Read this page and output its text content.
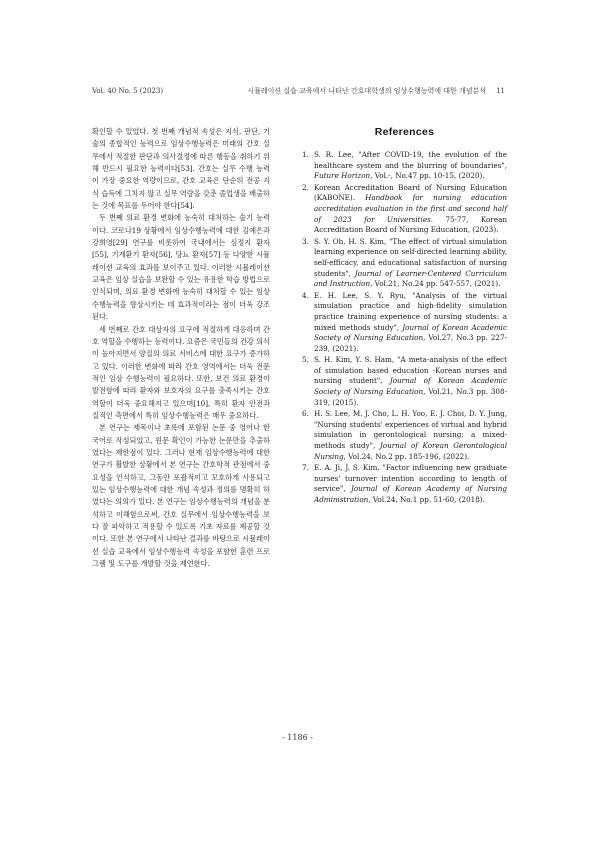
Vol. 40 No. 5 (2023)	시뮬레이션 실습 교육에서 나타난 간호대학생의 임상수행능력에 대한 개념분석	11

확인할 수 있었다. 첫 번째 개념적 속성은 지식, 판단, 기술의 종합적인 능력으로 임상수행능력은 미래의 간호 실무에서 적절한 판단과 의사결정에 따른 행동을 취하기 위해 반드시 필요한 능력이다[53]. 간호는 실무 수행 능력이 가장 중요한 역량이므로, 간호 교육은 단순히 전공 지식 습득에 그치지 않고 실무 역량을 갖춘 졸업생을 배출하는 것에 목표를 두어야 한다[54].

두 번째 의료 환경 변화에 능숙히 대처하는 술기 능력이다. 코로나19 상황에서 임상수행능력에 대한 김예은과 강희영[29] 연구를 비롯하여 국내에서는 심정지 환자[55], 기계환기 환자[56], 당뇨 환자[57] 등 다양한 시뮬레이션 교육의 효과를 보이주고 있다. 이러한 시뮬레이션 교육은 임상 실습을 보완할 수 있는 유용한 학습 방법으로 인식되며, 의료 환경 변화에 능숙히 대처할 수 있는 임상수행능력을 향상시키는 데 효과적이라는 점이 더욱 강조된다.

세 번째로 간호 대상자의 요구에 적절하게 대응하며 간호 역할을 수행하는 능력이다. 요즘은 국민들의 건강 의식이 높아지면서 양질의 의료 서비스에 대한 요구가 증가하고 있다. 이러한 변화에 따라 간호 영역에서는 더욱 전문적인 임상 수행능력이 필요하다. 또한, 보건 의료 환경이 발전함에 따라 환자와 보호자의 요구를 충족시키는 간호 역할이 더욱 중요해지고 있으며[10], 특히 환자 안전과 질적인 측면에서 특히 임상수행능력은 매우 중요하다.

본 연구는 제목이나 초록에 포함된 논문 중 영어나 한국어로 작성되었고, 원문 확인이 가능한 논문만을 추출하였다는 제한점이 있다. 그러나 현재 임상수행능력에 대한 연구가 활발한 상황에서 본 연구는 간호학적 관점에서 중요성을 인식하고, 그동안 포괄적이고 모호하게 사용되고 있는 임상수행능력에 대한 개념 속성과 정의를 명확히 하였다는 의의가 있다. 본 연구는 임상수행능력의 개념을 분석하고 이해함으로써, 간호 실무에서 임상수행능력을 보다 잘 파악하고 적용할 수 있도록 기초 자료를 제공할 것이다. 또한 본 연구에서 나타난 결과를 바탕으로 시뮬레이션 실습 교육에서 임상수행능력 속성을 포함한 훈련 프로그램 및 도구를 개발할 것을 제언한다.

References
1. S. R. Lee, "After COVID-19, the evolution of the healthcare system and the blurring of boundaries", Future Horizon, Vol.-, No.47 pp. 10-15, (2020).
2. Korean Accreditation Board of Nursing Education (KABONE). Handbook for nursing education accreditation evaluation in the first and second half of 2023 for Universities. 75-77, Korean Accreditation Board of Nursing Education, (2023).
3. S. Y. Oh, H. S. Kim, "The effect of virtual simulation learning experience on self-directed learning ability, self-efficacy, and educational satisfaction of nursing students", Journal of Learner-Centered Curriculum and Instruction, Vol.21, No.24 pp. 547-557, (2021).
4. E. H. Lee, S. Y. Ryu, "Analysis of the virtual simulation practice and high-fidelity simulation practice training experience of nursing students: a mixed methods study", Journal of Korean Academic Society of Nursing Education, Vol.27, No.3 pp. 227-239, (2021).
5. S. H. Kim, Y. S. Ham, "A meta-analysis of the effect of simulation based education -Korean nurses and nursing student", Journal of Korean Academic Society of Nursing Education, Vol.21, No.3 pp. 308-319, (2015).
6. H. S. Lee, M. J. Cho, L. H. Yoo, E. J. Choi, D. Y. Jung, "Nursing students' experiences of virtual and hybrid simulation in gerontological nursing: a mixed-methods study", Journal of Korean Gerontological Nursing, Vol.24, No.2 pp. 185-196, (2022).
7. E. A. Ji, J. S. Kim, "Factor influencing new graduate nurses' turnover intention according to length of service", Journal of Korean Academy of Nursing Administration, Vol.24, No.1 pp. 51-60, (2018).
- 1186 -
